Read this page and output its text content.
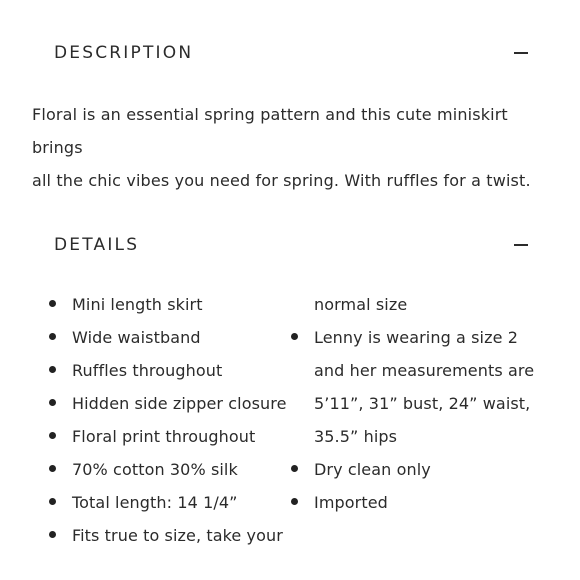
DESCRIPTION

Floral is an essential spring pattern and this cute miniskirt brings
all the chic vibes you need for spring. With ruffles for a twist.

DETAILS
Mini length skirt
Wide waistband
Ruffles throughout
Hidden side zipper closure
Floral print throughout
70% cotton 30% silk
Total length: 14 1/4”
Fits true to size, take your
normal size
Lenny is wearing a size 2
and her measurements are
5’11”, 31” bust, 24” waist,
35.5” hips
Dry clean only
Imported
